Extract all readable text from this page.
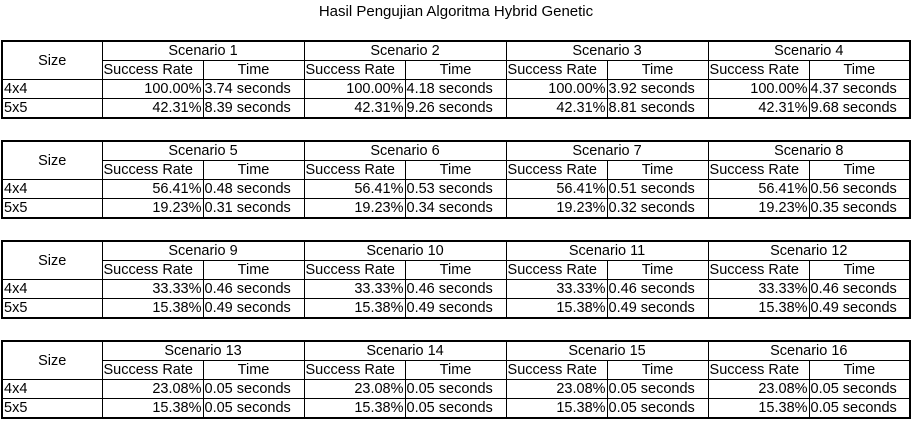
Hasil Pengujian Algoritma Hybrid Genetic
Size	Scenario 1		Scenario 2		Scenario 3		Scenario 4	
	Success Rate	Time	Success Rate	Time	Success Rate	Time	Success Rate	Time
4x4	100.00%	3.74 seconds	100.00%	4.18 seconds	100.00%	3.92 seconds	100.00%	4.37 seconds
5x5	42.31%	8.39 seconds	42.31%	9.26 seconds	42.31%	8.81 seconds	42.31%	9.68 seconds
Size	Scenario 5		Scenario 6		Scenario 7		Scenario 8	
	Success Rate	Time	Success Rate	Time	Success Rate	Time	Success Rate	Time
4x4	56.41%	0.48 seconds	56.41%	0.53 seconds	56.41%	0.51 seconds	56.41%	0.56 seconds
5x5	19.23%	0.31 seconds	19.23%	0.34 seconds	19.23%	0.32 seconds	19.23%	0.35 seconds
Size	Scenario 9		Scenario 10		Scenario 11		Scenario 12	
	Success Rate	Time	Success Rate	Time	Success Rate	Time	Success Rate	Time
4x4	33.33%	0.46 seconds	33.33%	0.46 seconds	33.33%	0.46 seconds	33.33%	0.46 seconds
5x5	15.38%	0.49 seconds	15.38%	0.49 seconds	15.38%	0.49 seconds	15.38%	0.49 seconds
Size	Scenario 13		Scenario 14		Scenario 15		Scenario 16	
	Success Rate	Time	Success Rate	Time	Success Rate	Time	Success Rate	Time
4x4	23.08%	0.05 seconds	23.08%	0.05 seconds	23.08%	0.05 seconds	23.08%	0.05 seconds
5x5	15.38%	0.05 seconds	15.38%	0.05 seconds	15.38%	0.05 seconds	15.38%	0.05 seconds
